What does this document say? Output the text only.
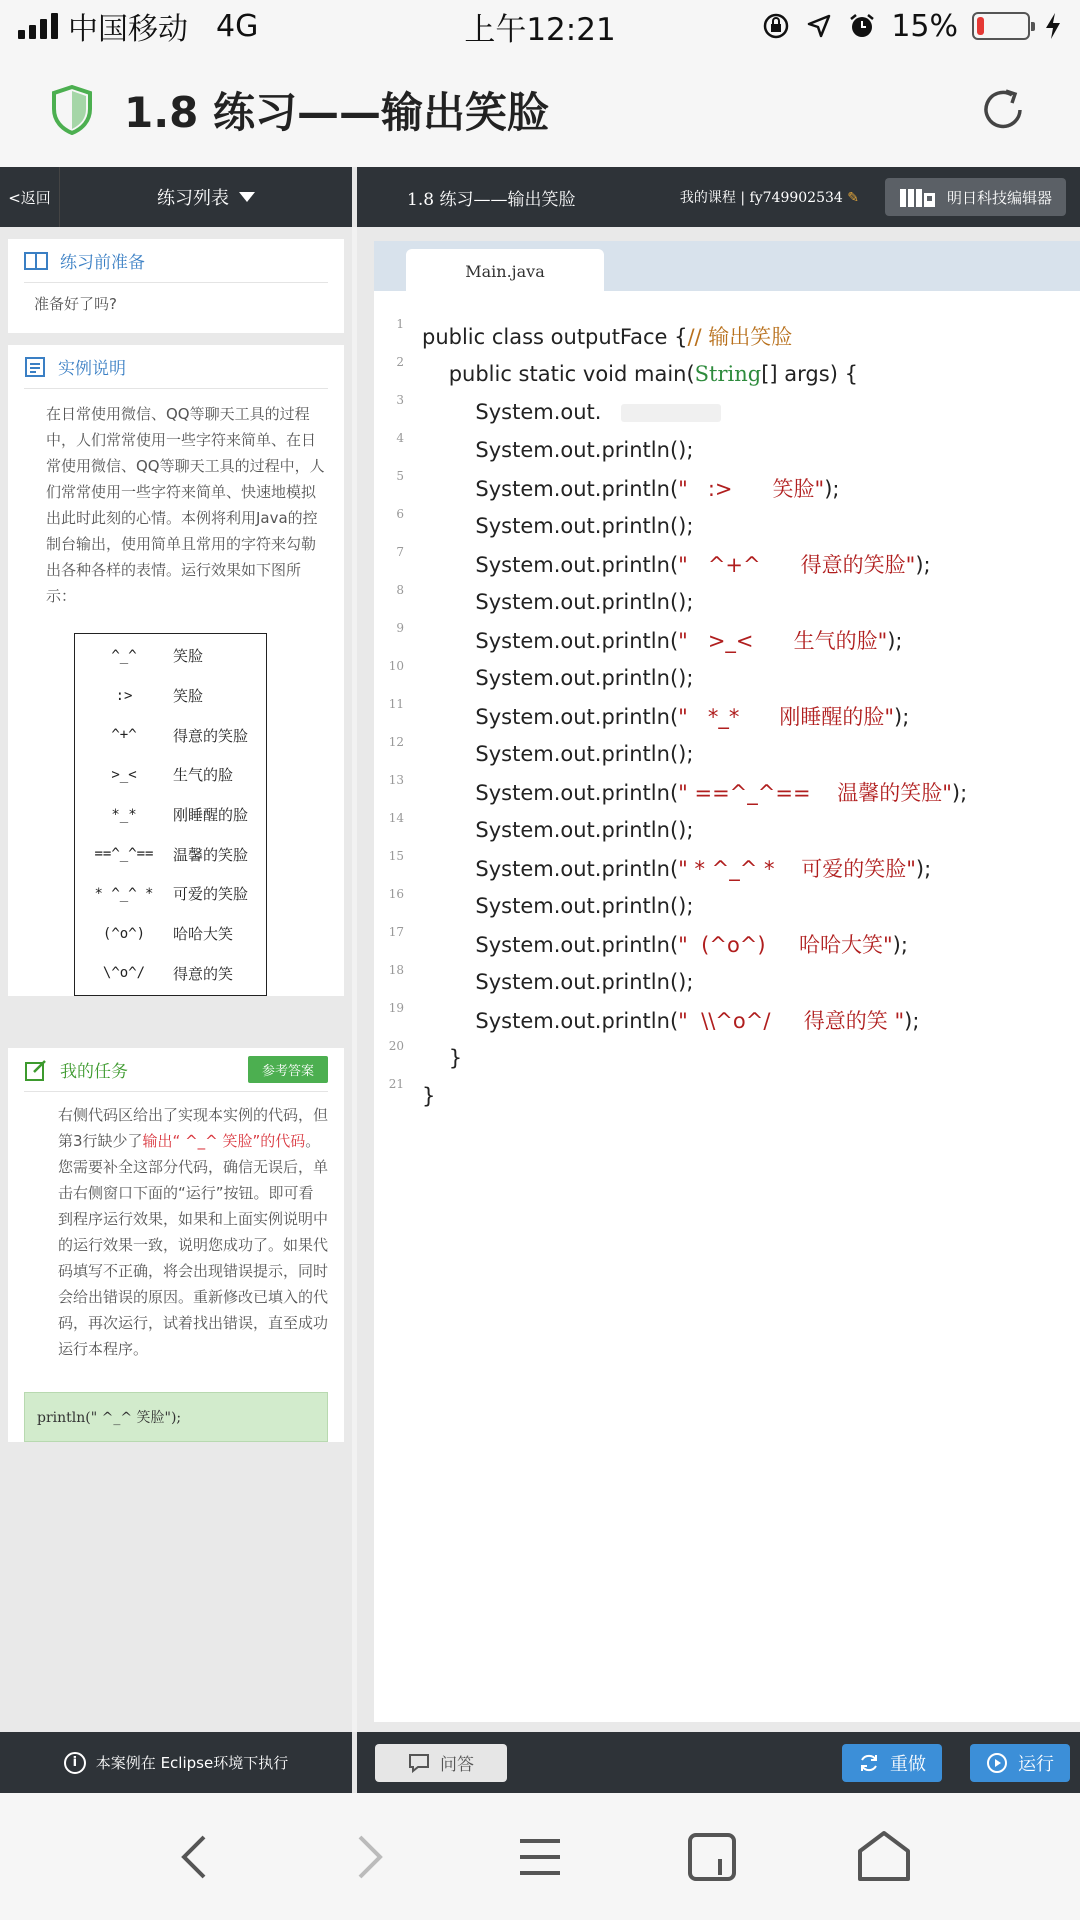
中国移动 4G	上午12:21	15%
1.8 练习——输出笑脸
<返回	练习列表	1.8 练习——输出笑脸	我的课程 | fy749902534 ✎	明日科技编辑器
练习前准备
准备好了吗?
实例说明
在日常使用微信、QQ等聊天工具的过程中，人们常常使用一些字符来简单、在日常使用微信、QQ等聊天工具的过程中，人们常常使用一些字符来简单、快速地模拟出此时此刻的心情。本例将利用Java的控制台输出，使用简单且常用的字符来勾勒出各种各样的表情。运行效果如下图所示：
^_^	笑脸
:>	笑脸
^+^	得意的笑脸
>_<	生气的脸
*_*	刚睡醒的脸
==^_^==	温馨的笑脸
* ^_^ *	可爱的笑脸
(^o^)	哈哈大笑
\^o^/	得意的笑
我的任务	参考答案
右侧代码区给出了实现本实例的代码，但第3行缺少了输出“ ^_^ 笑脸”的代码。您需要补全这部分代码，确信无误后，单击右侧窗口下面的“运行”按钮。即可看到程序运行效果，如果和上面实例说明中的运行效果一致，说明您成功了。如果代 码填写不正确，将会出现错误提示，同时会给出错误的原因。重新修改已填入的代码，再次运行，试着找出错误，直至成功运行本程序。
println(" ^_^ 笑脸");
Main.java
1
public class outputFace {// 输出笑脸
2 public static void main(String[] args) {
3 System.out.
4 System.out.println();
5
System.out.println("   :>      笑脸");
6 System.out.println();
7
System.out.println("   ^+^      得意的笑脸");
8 System.out.println();
9
System.out.println("   >_<      生气的脸");
10 System.out.println();
11
System.out.println("   *_*      刚睡醒的脸");
12 System.out.println();
13
System.out.println(" ==^_^==    温馨的笑脸");
14 System.out.println();
15
System.out.println(" * ^_^ *    可爱的笑脸");
16 System.out.println();
17
System.out.println("  (^o^)     哈哈大笑");
18 System.out.println();
19
System.out.println("  \\^o^/     得意的笑 ");
20 }
21 }
i	本案例在 Eclipse环境下执行	问答	重做	运行
